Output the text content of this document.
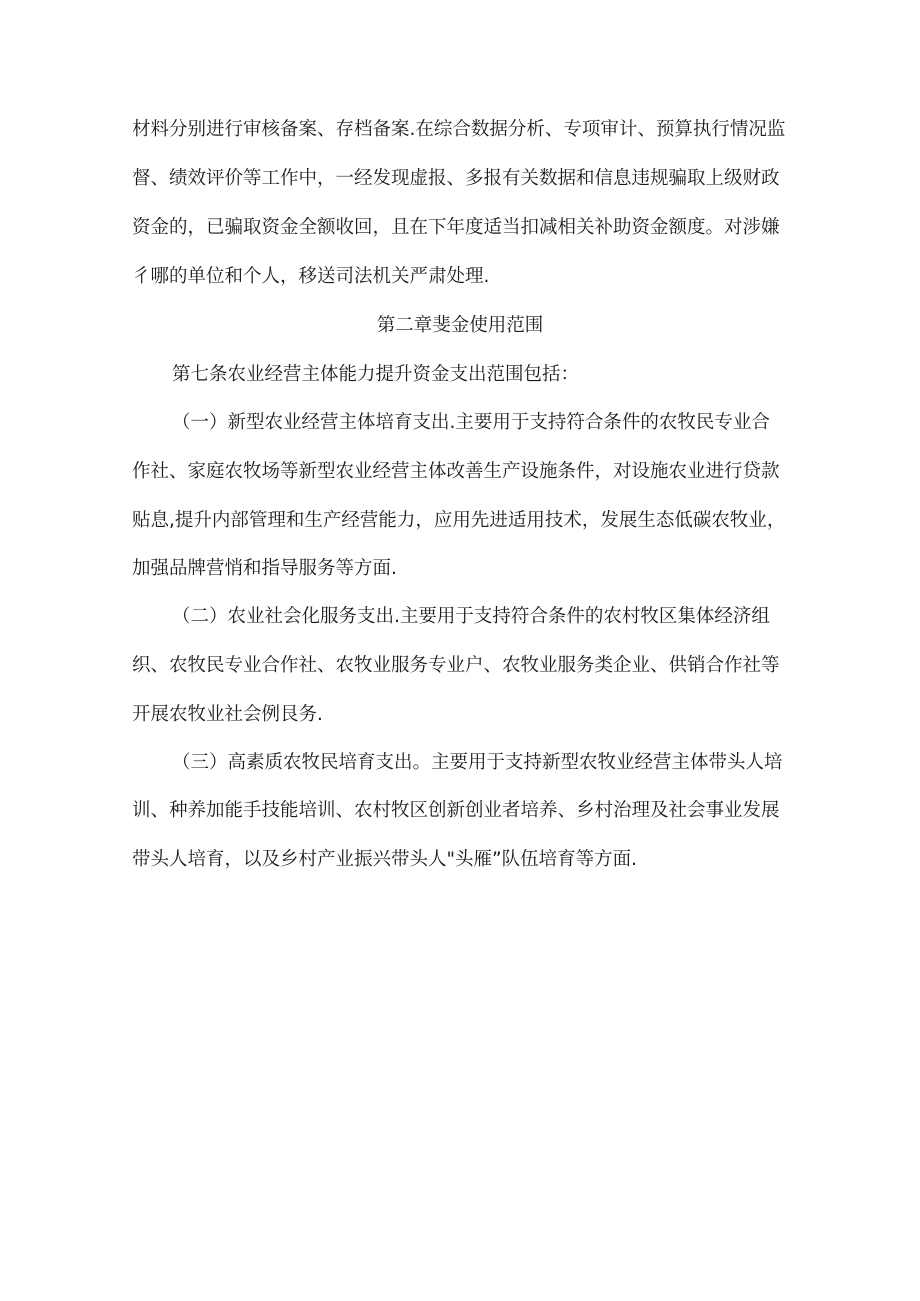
材料分别进行审核备案、存档备案.在综合数据分析、专项审计、预算执行情况监
督、绩效评价等工作中，一经发现虚报、多报有关数据和信息违规骗取上级财政
资金的，已骗取资金全额收回，且在下年度适当扣减相关补助资金额度。对涉嫌
彳哪的单位和个人，移送司法机关严肃处理.
第二章斐金使用范围
第七条农业经营主体能力提升资金支出范围包括：
（一）新型农业经营主体培育支出.主要用于支持符合条件的农牧民专业合
作社、家庭农牧场等新型农业经营主体改善生产设施条件，对设施农业进行贷款
贴息,提升内部管理和生产经营能力，应用先进适用技术，发展生态低碳农牧业，
加强品牌营悄和指导服务等方面.
（二）农业社会化服务支出.主要用于支持符合条件的农村牧区集体经济组
织、农牧民专业合作社、农牧业服务专业户、农牧业服务类企业、供销合作社等
开展农牧业社会例艮务.
（三）高素质农牧民培育支出。主要用于支持新型农牧业经营主体带头人培
训、种养加能手技能培训、农村牧区创新创业者培养、乡村治理及社会事业发展
带头人培育，以及乡村产业振兴带头人"头雁”队伍培育等方面.
